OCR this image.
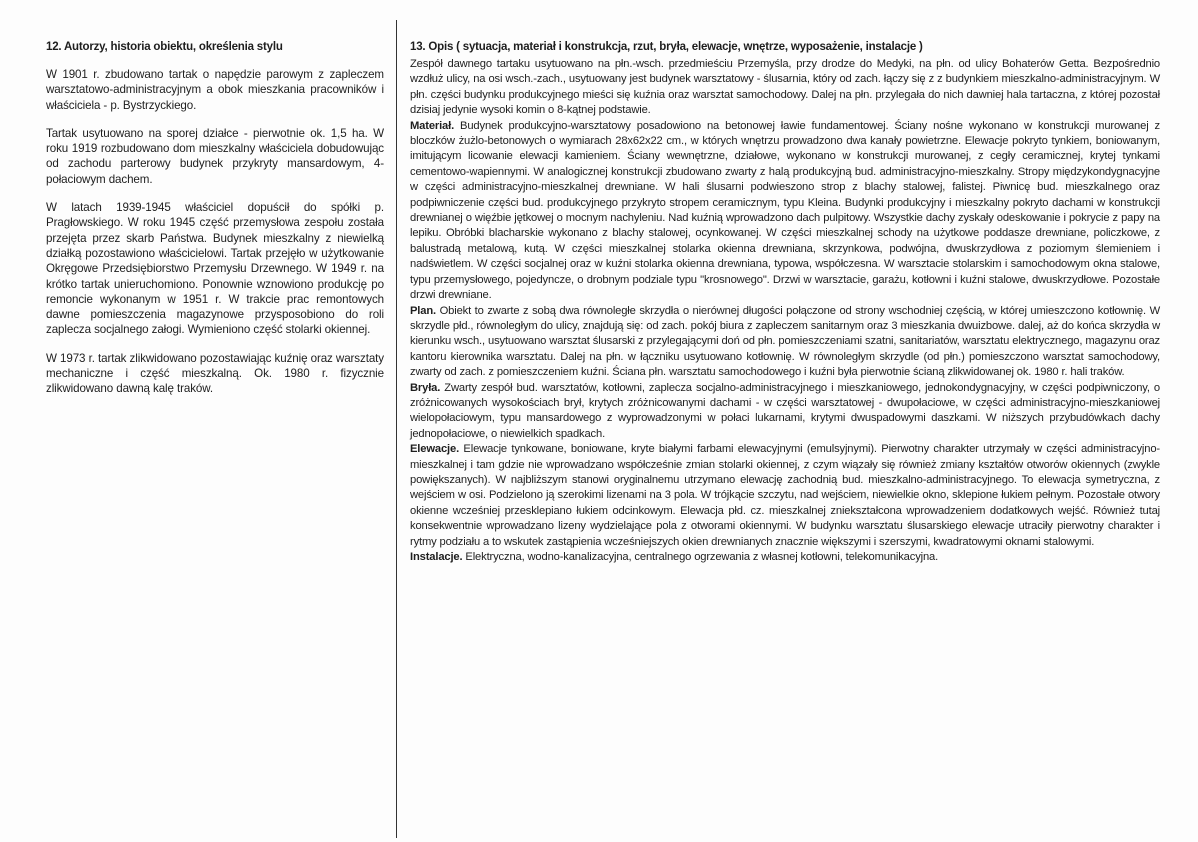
12. Autorzy, historia obiektu, określenia stylu

W 1901 r. zbudowano tartak o napędzie parowym z zapleczem warsztatowo-administracyjnym a obok mieszkania pracowników i właściciela - p. Bystrzyckiego.

Tartak usytuowano na sporej działce - pierwotnie ok. 1,5 ha. W roku 1919 rozbudowano dom mieszkalny właściciela dobudowując od zachodu parterowy budynek przykryty mansardowym, 4-połaciowym dachem.

W latach 1939-1945 właściciel dopuścił do spółki p. Pragłowskiego. W roku 1945 część przemysłowa zespołu została przejęta przez skarb Państwa. Budynek mieszkalny z niewielką działką pozostawiono właścicielowi. Tartak przejęło w użytkowanie Okręgowe Przedsiębiorstwo Przemysłu Drzewnego. W 1949 r. na krótko tartak unieruchomiono. Ponownie wznowiono produkcję po remoncie wykonanym w 1951 r. W trakcie prac remontowych dawne pomieszczenia magazynowe przysposobiono do roli zaplecza socjalnego załogi. Wymieniono część stolarki okiennej.

W 1973 r. tartak zlikwidowano pozostawiając kuźnię oraz warsztaty mechaniczne i część mieszkalną. Ok. 1980 r. fizycznie zlikwidowano dawną kalę traków.

13. Opis ( sytuacja, materiał i konstrukcja, rzut, bryła, elewacje, wnętrze, wyposażenie, instalacje )

Zespół dawnego tartaku usytuowano na płn.-wsch. przedmieściu Przemyśla, przy drodze do Medyki, na płn. od ulicy Bohaterów Getta. Bezpośrednio wzdłuż ulicy, na osi wsch.-zach., usytuowany jest budynek warsztatowy - ślusarnia, który od zach. łączy się z z budynkiem mieszkalno-administracyjnym. W płn. części budynku produkcyjnego mieści się kuźnia oraz warsztat samochodowy. Dalej na płn. przylegała do nich dawniej hala tartaczna, z której pozostał dzisiaj jedynie wysoki komin o 8-kątnej podstawie.

Materiał. Budynek produkcyjno-warsztatowy posadowiono na betonowej ławie fundamentowej. Ściany nośne wykonano w konstrukcji murowanej z bloczków żużlo-betonowych o wymiarach 28x62x22 cm., w których wnętrzu prowadzono dwa kanały powietrzne. Elewacje pokryto tynkiem, boniowanym, imitującym licowanie elewacji kamieniem. Ściany wewnętrzne, działowe, wykonano w konstrukcji murowanej, z cegły ceramicznej, krytej tynkami cementowo-wapiennymi. W analogicznej konstrukcji zbudowano zwarty z halą produkcyjną bud. administracyjno-mieszkalny. Stropy międzykondygnacyjne w części administracyjno-mieszkalnej drewniane. W hali ślusarni podwieszono strop z blachy stalowej, falistej. Piwnicę bud. mieszkalnego oraz podpiwniczenie części bud. produkcyjnego przykryto stropem ceramicznym, typu Kleina. Budynki produkcyjny i mieszkalny pokryto dachami w konstrukcji drewnianej o więźbie jętkowej o mocnym nachyleniu. Nad kuźnią wprowadzono dach pulpitowy. Wszystkie dachy zyskały odeskowanie i pokrycie z papy na lepiku. Obróbki blacharskie wykonano z blachy stalowej, ocynkowanej. W części mieszkalnej schody na użytkowe poddasze drewniane, policzkowe, z balustradą metalową, kutą. W części mieszkalnej stolarka okienna drewniana, skrzynkowa, podwójna, dwuskrzydłowa z poziomym ślemieniem i nadświetlem. W części socjalnej oraz w kuźni stolarka okienna drewniana, typowa, współczesna. W warsztacie stolarskim i samochodowym okna stalowe, typu przemysłowego, pojedyncze, o drobnym podziale typu "krosnowego". Drzwi w warsztacie, garażu, kotłowni i kuźni stalowe, dwuskrzydłowe. Pozostałe drzwi drewniane.

Plan. Obiekt to zwarte z sobą dwa równoległe skrzydła o nierównej długości połączone od strony wschodniej częścią, w której umieszczono kotłownię. W skrzydle płd., równoległym do ulicy, znajdują się: od zach. pokój biura z zapleczem sanitarnym oraz 3 mieszkania dwuizbowe. dalej, aż do końca skrzydła w kierunku wsch., usytuowano warsztat ślusarski z przylegającymi doń od płn. pomieszczeniami szatni, sanitariatów, warsztatu elektrycznego, magazynu oraz kantoru kierownika warsztatu. Dalej na płn. w łączniku usytuowano kotłownię. W równoległym skrzydle (od płn.) pomieszczono warsztat samochodowy, zwarty od zach. z pomieszczeniem kuźni. Ściana płn. warsztatu samochodowego i kuźni była pierwotnie ścianą zlikwidowanej ok. 1980 r. hali traków.

Bryła. Zwarty zespół bud. warsztatów, kotłowni, zaplecza socjalno-administracyjnego i mieszkaniowego, jednokondygnacyjny, w części podpiwniczony, o zróżnicowanych wysokościach brył, krytych zróżnicowanymi dachami - w części warsztatowej - dwupołaciowe, w części administracyjno-mieszkaniowej wielopołaciowym, typu mansardowego z wyprowadzonymi w połaci lukarnami, krytymi dwuspadowymi daszkami. W niższych przybudówkach dachy jednopołaciowe, o niewielkich spadkach.

Elewacje. Elewacje tynkowane, boniowane, kryte białymi farbami elewacyjnymi (emulsyjnymi). Pierwotny charakter utrzymały w części administracyjno-mieszkalnej i tam gdzie nie wprowadzano współcześnie zmian stolarki okiennej, z czym wiązały się również zmiany kształtów otworów okiennych (zwykle powiększanych). W najbliższym stanowi oryginalnemu utrzymano elewację zachodnią bud. mieszkalno-administracyjnego. To elewacja symetryczna, z wejściem w osi. Podzielono ją szerokimi lizenami na 3 pola. W trójkącie szczytu, nad wejściem, niewielkie okno, sklepione łukiem pełnym. Pozostałe otwory okienne wcześniej przesklepiano łukiem odcinkowym. Elewacja płd. cz. mieszkalnej zniekształcona wprowadzeniem dodatkowych wejść. Również tutaj konsekwentnie wprowadzano lizeny wydzielające pola z otworami okiennymi. W budynku warsztatu ślusarskiego elewacje utraciły pierwotny charakter i rytmy podziału a to wskutek zastąpienia wcześniejszych okien drewnianych znacznie większymi i szerszymi, kwadratowymi oknami stalowymi.

Instalacje. Elektryczna, wodno-kanalizacyjna, centralnego ogrzewania z własnej kotłowni, telekomunikacyjna.
